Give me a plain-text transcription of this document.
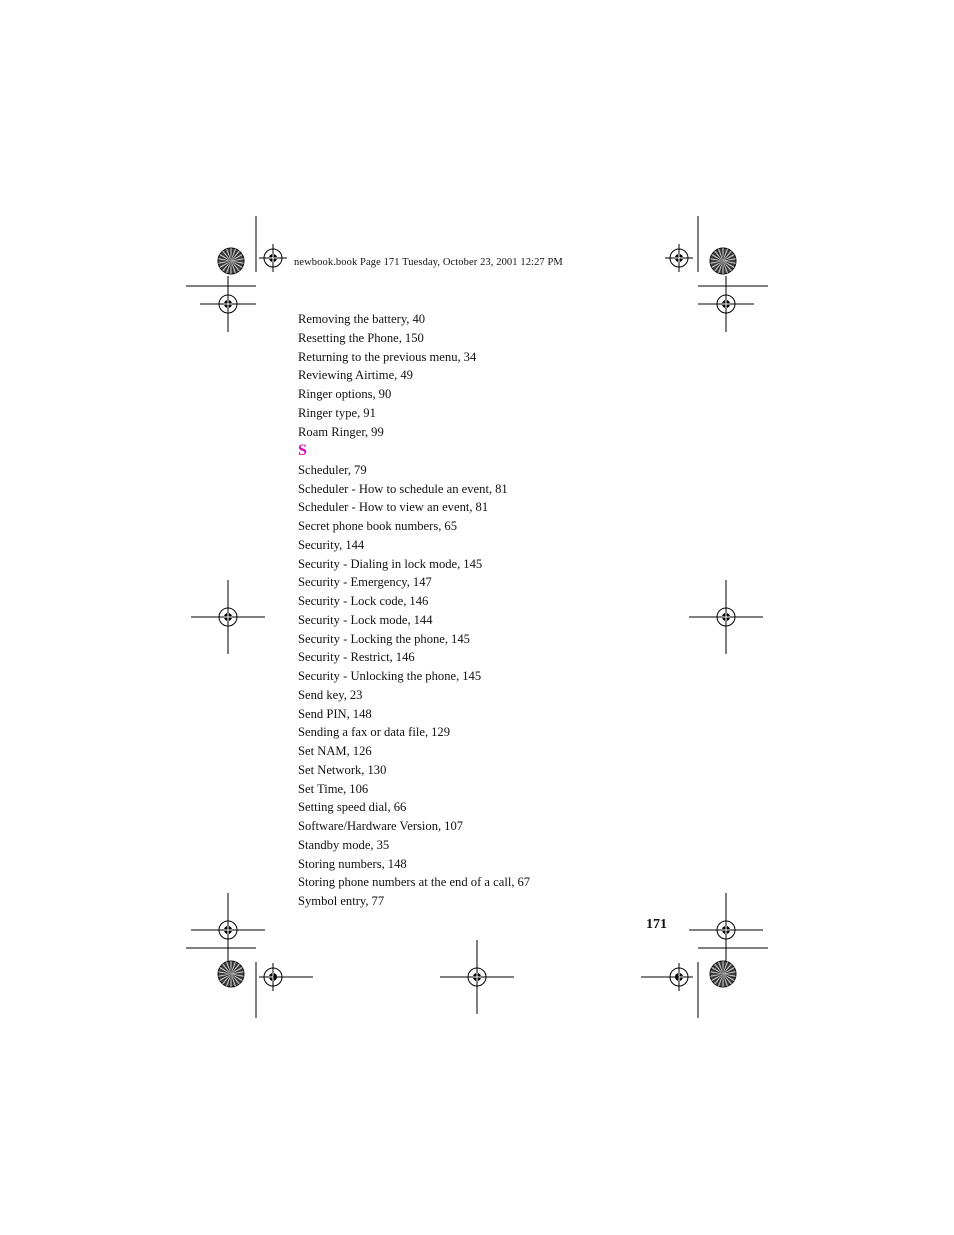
newbook.book Page 171 Tuesday, October 23, 2001 12:27 PM
Removing the battery, 40
Resetting the Phone, 150
Returning to the previous menu, 34
Reviewing Airtime, 49
Ringer options, 90
Ringer type, 91
Roam Ringer, 99
S
Scheduler, 79
Scheduler - How to schedule an event, 81
Scheduler - How to view an event, 81
Secret phone book numbers, 65
Security, 144
Security - Dialing in lock mode, 145
Security - Emergency, 147
Security - Lock code, 146
Security - Lock mode, 144
Security - Locking the phone, 145
Security - Restrict, 146
Security - Unlocking the phone, 145
Send key, 23
Send PIN, 148
Sending a fax or data file, 129
Set NAM, 126
Set Network, 130
Set Time, 106
Setting speed dial, 66
Software/Hardware Version, 107
Standby mode, 35
Storing numbers, 148
Storing phone numbers at the end of a call, 67
Symbol entry, 77
171
